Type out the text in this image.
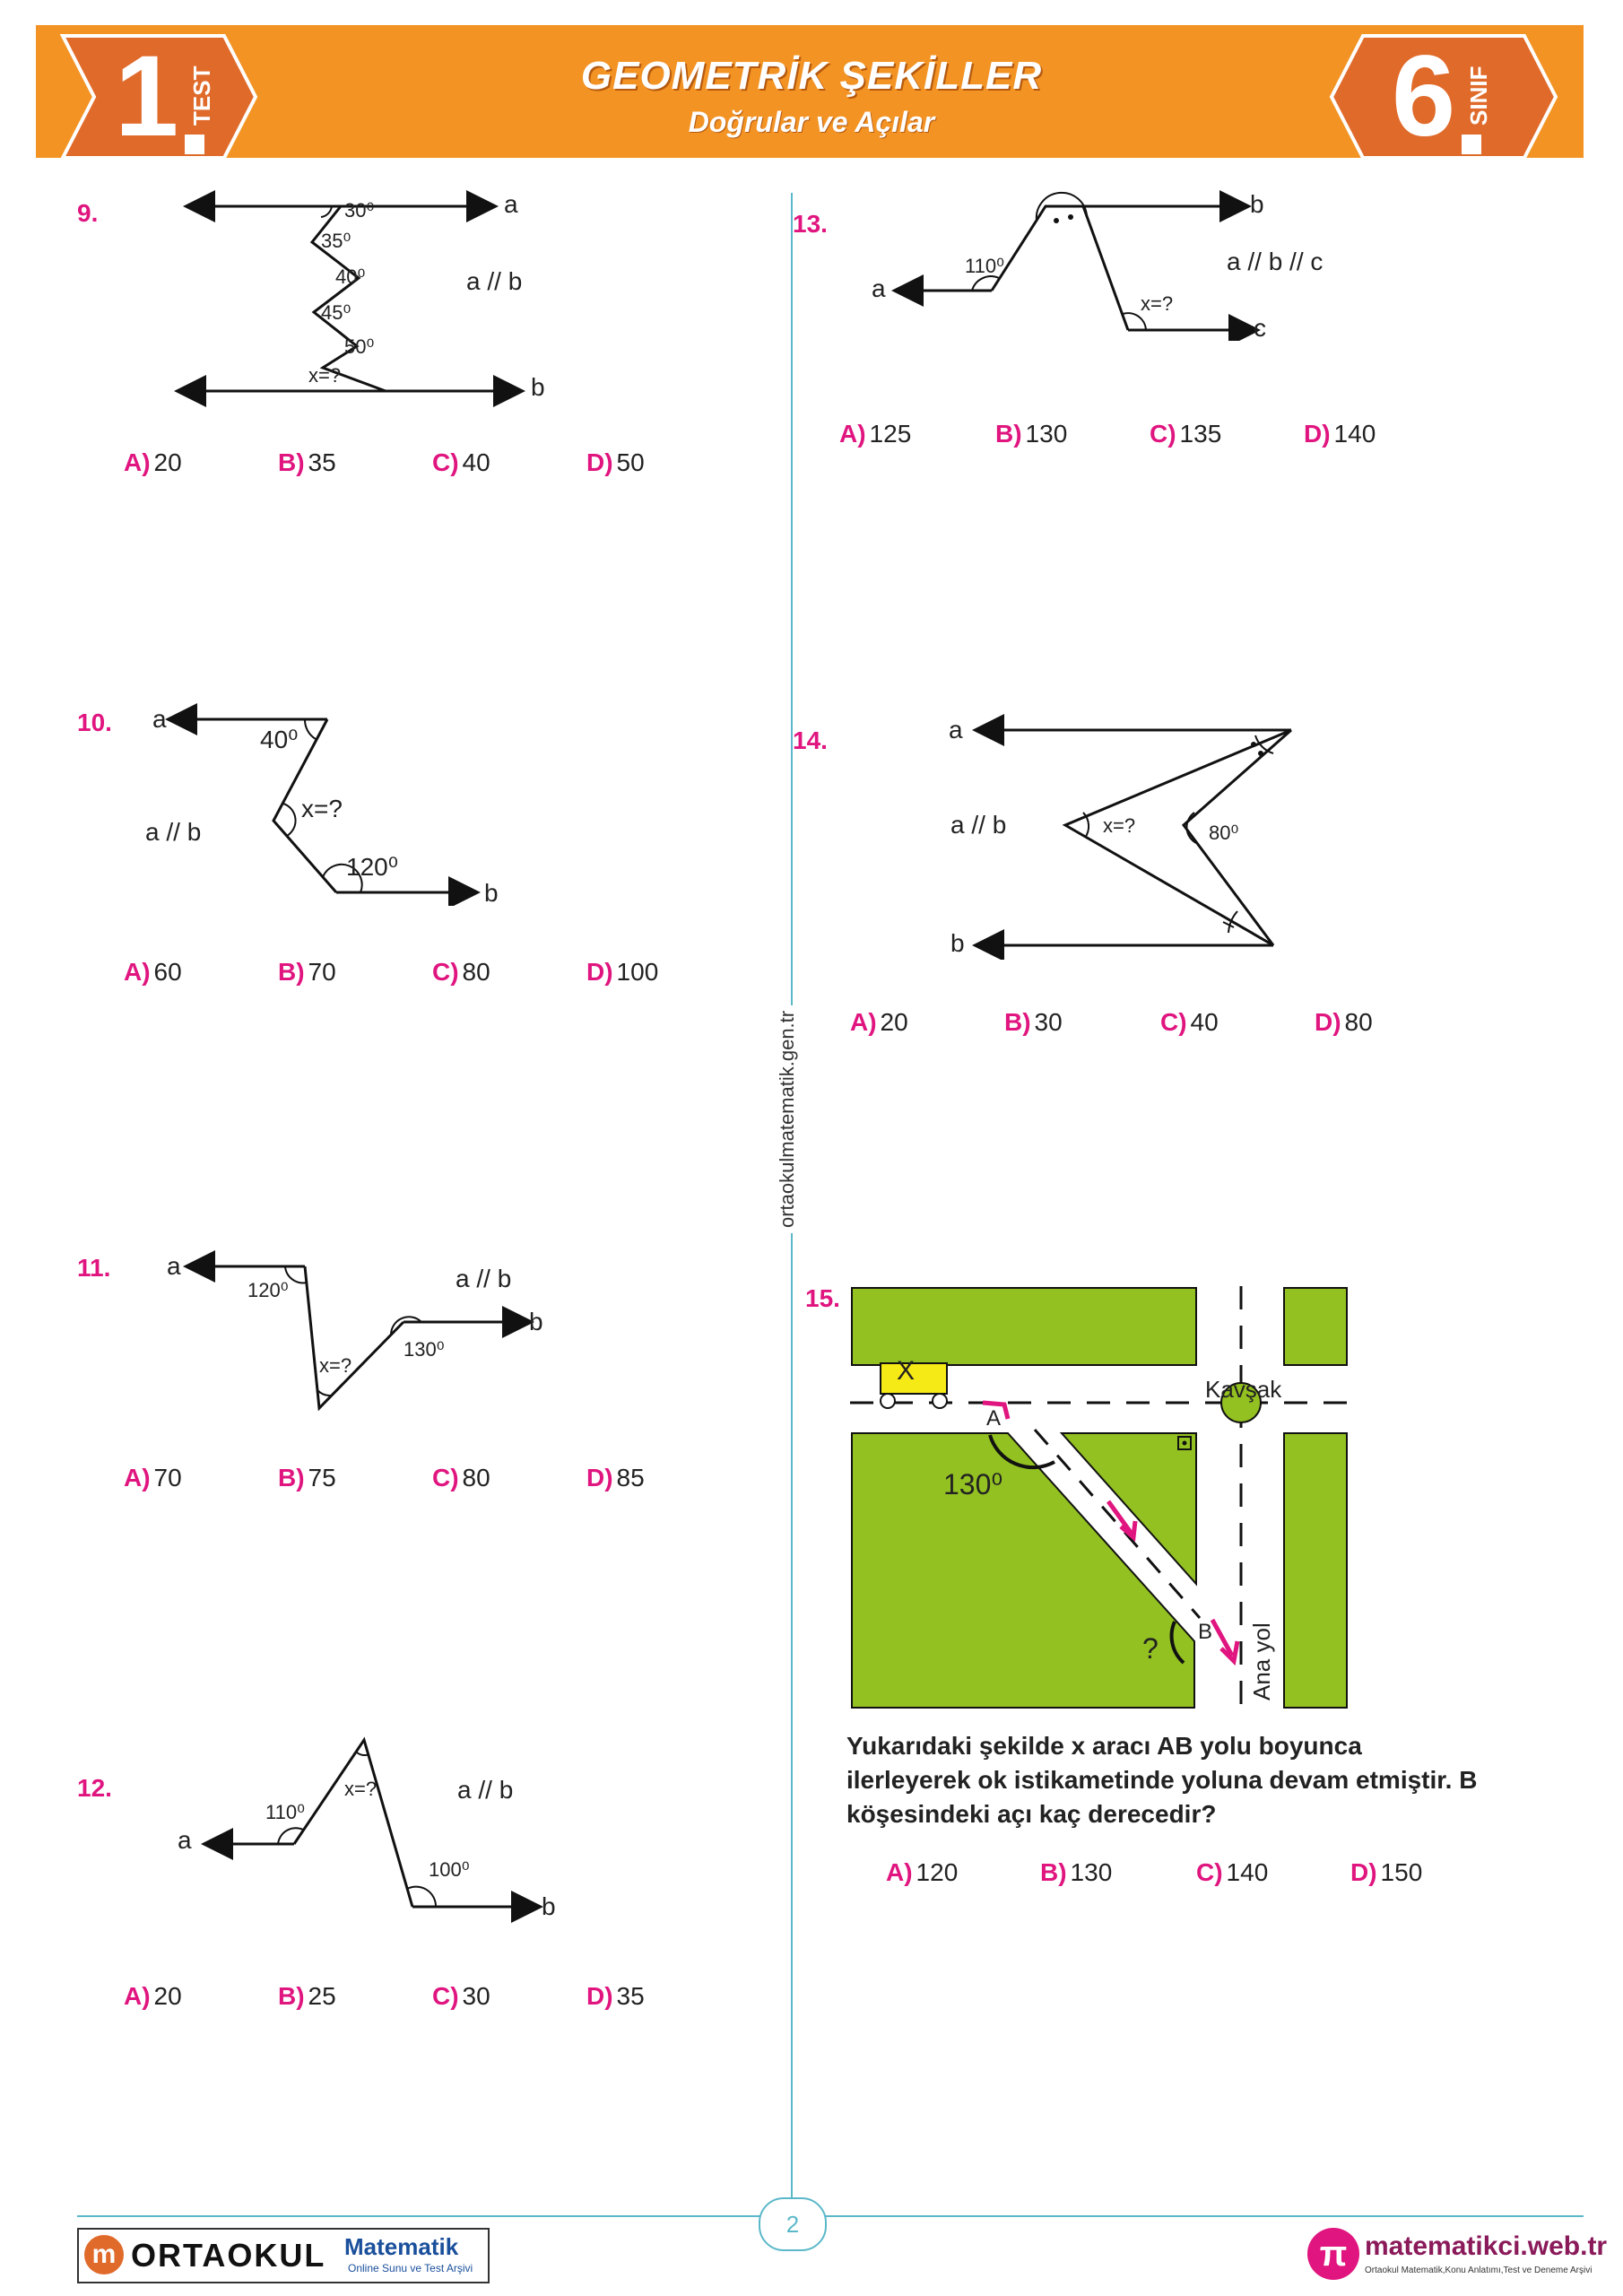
1 TEST	GEOMETRİK ŞEKİLLER
Doğrular ve Açılar	6 SINIF
ortaokulmatematik.gen.tr
9.	30⁰
35⁰
40⁰
45⁰
50⁰
x=?
a
b
a // b
A) 20	B) 35	C) 40	D) 50
10.
40⁰
x=?
120⁰
a
b
a // b
A) 60	B) 70	C) 80	D) 100
11.
120⁰
x=?
130⁰
a
b
a // b
A) 70	B) 75	C) 80	D) 85
12.
110⁰
x=?
100⁰
a
b
a // b
A) 20	B) 25	C) 30	D) 35
13.
110⁰
x=?
a
b
c
a // b // c
A) 125	B) 130	C) 135	D) 140
14.
x=?	80⁰
a
b
a // b
A) 20	B) 30	C) 40	D) 80
15.
X
Kavşak
A
B
130⁰
?	Ana yol
Yukarıdaki şekilde x aracı AB yolu boyunca ilerleyerek ok istikametinde yoluna devam etmiştir. B köşesindeki açı kaç derecedir?
A) 120	B) 130	C) 140	D) 150
2
m ORTAOKUL Matematik
Online Sunu ve Test Arşivi	π matematikci.web.tr
Ortaokul Matematik,Konu Anlatımı,Test ve Deneme Arşivi
